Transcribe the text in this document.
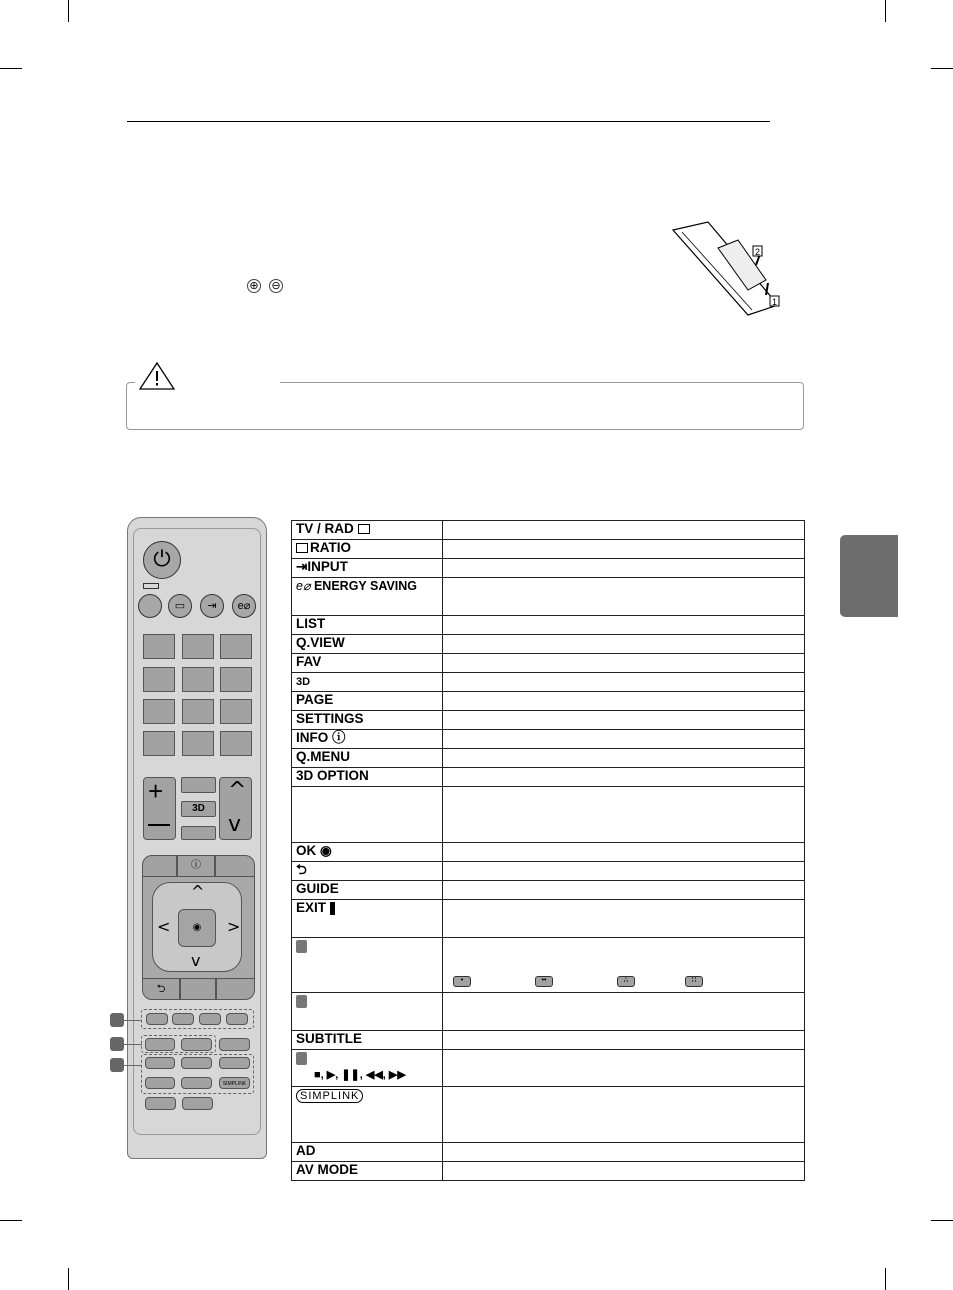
⊕ ⊖
2
1
⏻
▭	⇥	e⌀
+
3D
^
v
ⓘ
^
v
<	>
◉
⮌
SIMPLINK
TV / RAD	
RATIO	
⇥INPUT	
e⌀ ENERGY SAVING	
LIST	
Q.VIEW	
FAV	
3D	
PAGE	
SETTINGS	
INFO ⓘ	
Q.MENU	
3D OPTION	

OK ◉	
⮌	
GUIDE	
EXIT	
	• •• ∴ ∷

SUBTITLE	

■, ▶, ❚❚, ◀◀, ▶▶	
SIMPLINK	
AD	
AV MODE	
